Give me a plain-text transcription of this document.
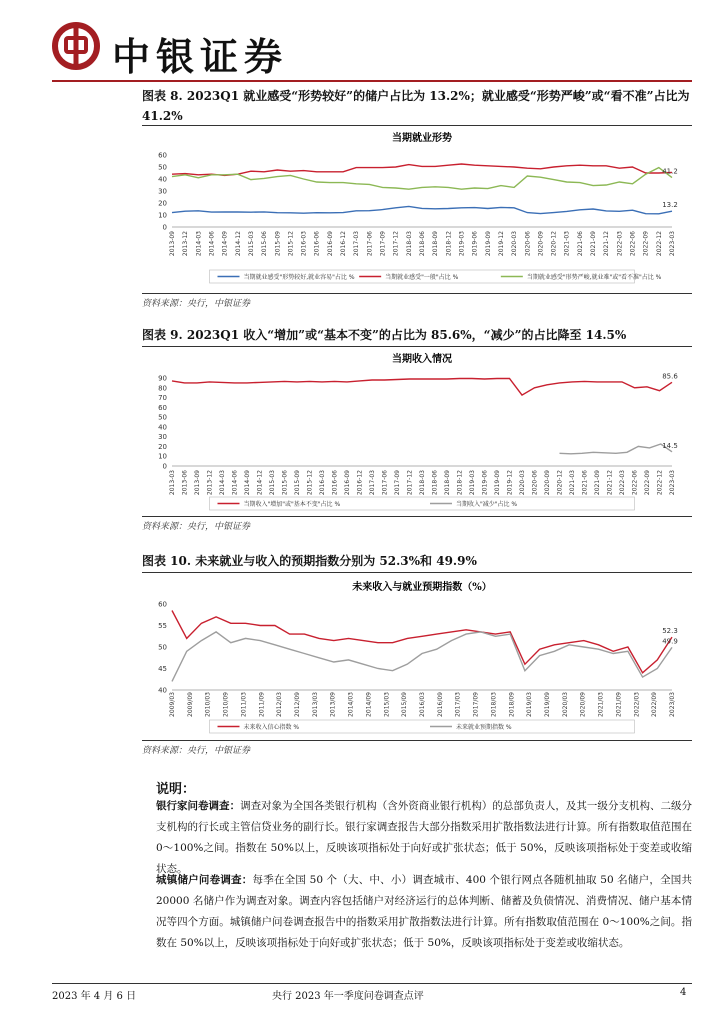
中银证券
图表 8. 2023Q1 就业感受“形势较好”的储户占比为 13.2%；就业感受“形势严峻”或“看不准”占比为 41.2%
当期就业形势
0
10
20
30
40
50
60
2013-09 2013-12 2014-03 2014-06 2014-09 2014-12 2015-03 2015-06 2015-09 2015-12 2016-03 2016-06 2016-09 2016-12 2017-03 2017-06 2017-09 2017-12 2018-03 2018-06 2018-09 2018-12 2019-03 2019-06 2019-09 2019-12 2020-03 2020-06 2020-09 2020-12 2021-03 2021-06 2021-09 2021-12 2022-03 2022-06 2022-09 2022-12 2023-03
13.2
41.2
当期就业感受"形势较好,就业容易"占比 %	当期就业感受"一般"占比 %	当期就业感受"形势严峻,就业难"或"看不准"占比 %
资料来源：央行，中银证券
图表 9. 2023Q1 收入“增加”或“基本不变”的占比为 85.6%，“减少”的占比降至 14.5%
当期收入情况
0
10
20
30
40
50
60
70
80
90
2013-03 2013-06 2013-09 2013-12 2014-03 2014-06 2014-09 2014-12 2015-03 2015-06 2015-09 2015-12 2016-03 2016-06 2016-09 2016-12 2017-03 2017-06 2017-09 2017-12 2018-03 2018-06 2018-09 2018-12 2019-03 2019-06 2019-09 2019-12 2020-03 2020-06 2020-09 2020-12 2021-03 2021-06 2021-09 2021-12 2022-03 2022-06 2022-09 2022-12 2023-03
85.6
14.5
当期收入"增加"或"基本不变"占比 %	当期收入"减少"占比 %
资料来源：央行，中银证券
图表 10. 未来就业与收入的预期指数分别为 52.3%和 49.9%
未来收入与就业预期指数（%）
40
45
50
55
60
2009/03 2009/09 2010/03 2010/09 2011/03 2011/09 2012/03 2012/09 2013/03 2013/09 2014/03 2014/09 2015/03 2015/09 2016/03 2016/09 2017/03 2017/09 2018/03 2018/09 2019/03 2019/09 2020/03 2020/09 2021/03 2021/09 2022/03 2022/09 2023/03
52.3
49.9
未来收入信心指数 %	未来就业预期指数 %
资料来源：央行，中银证券
说明：
银行家问卷调查：调查对象为全国各类银行机构（含外资商业银行机构）的总部负责人，及其一级分支机构、二级分支机构的行长或主管信贷业务的副行长。银行家调查报告大部分指数采用扩散指数法进行计算。所有指数取值范围在 0～100%之间。指数在 50%以上，反映该项指标处于向好或扩张状态；低于 50%，反映该项指标处于变差或收缩状态。
城镇储户问卷调查：每季在全国 50 个（大、中、小）调查城市、400 个银行网点各随机抽取 50 名储户，全国共 20000 名储户作为调查对象。调查内容包括储户对经济运行的总体判断、储蓄及负债情况、消费情况、储户基本情况等四个方面。城镇储户问卷调查报告中的指数采用扩散指数法进行计算。所有指数取值范围在 0～100%之间。指数在 50%以上，反映该项指标处于向好或扩张状态；低于 50%，反映该项指标处于变差或收缩状态。
2023 年 4 月 6 日	央行 2023 年一季度问卷调查点评	4
